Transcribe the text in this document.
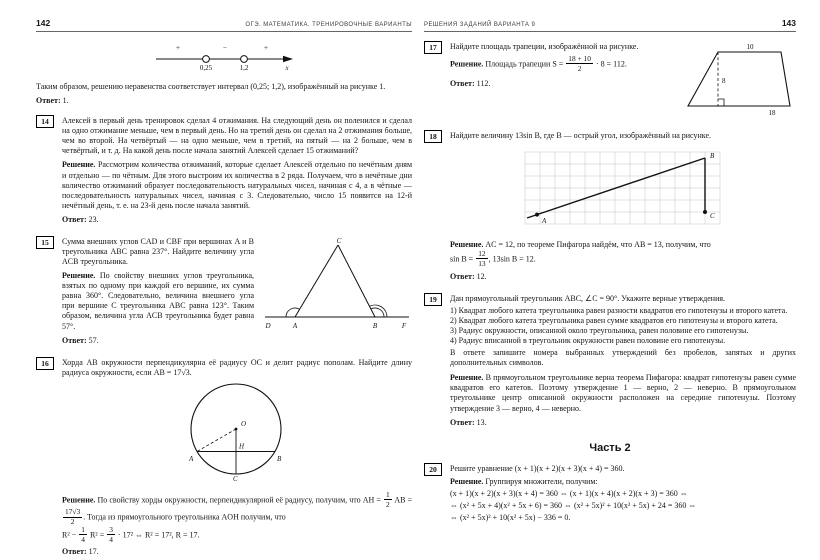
142	ОГЭ. МАТЕМАТИКА. ТРЕНИРОВОЧНЫЕ ВАРИАНТЫ
+	−	+
0,25	1,2	x

Таким образом, решению неравенства соответствует интервал (0,25; 1,2), изображённый на рисунке 1.

Ответ: 1.

14	Алексей в первый день тренировок сделал 4 отжимания. На следующий день он поленился и сделал на одно отжимание меньше, чем в первый день. Но на третий день он сделал на 2 отжимания больше, чем во второй. На четвёртый — на одно меньше, чем в третий, на пятый — на 2 больше, чем в четвёртый, и т. д. На какой день после начала занятий Алексей сделает 15 отжиманий?

Решение. Рассмотрим количества отжиманий, которые сделает Алексей отдельно по нечётным дням и отдельно — по чётным. Для этого выстроим их количества в 2 ряда. Получаем, что в нечётные дни количество отжиманий образует последовательность натуральных чисел, начиная с 4, а в чётные — последовательность натуральных чисел, начиная с 3. Следовательно, число 15 появится на 12-й нечётный день, т. е. на 23-й день после начала занятий.

Ответ: 23.

15	Сумма внешних углов CAD и CBF при вершинах A и B треугольника ABC равна 237°. Найдите величину угла ACB треугольника.

Решение. По свойству внешних углов треугольника, взятых по одному при каждой его вершине, их сумма равна 360°. Следовательно, величина внешнего угла при вершине C треугольника ABC равна 123°. Таким образом, величина угла ACB треугольника будет равна 57°.

Ответ: 57.

C
D	A	B	F
16	Хорда AB окружности перпендикулярна её радиусу OC и делит радиус пополам. Найдите длину радиуса окружности, если AB = 17√3.

O
H
A	B
C

Решение. По свойству хорды окружности, перпендикулярной её радиусу, получим, что AH = $\frac{1}{2}$ AB =
$\frac{17√3}{2}$ . Тогда из прямоугольного треугольника AOH получим, что
$R^2 - \frac{1}{4} R^2 = \frac{3}{4} \cdot 17^2$ ⇔ R² = 17², R = 17.

Ответ: 17.

РЕШЕНИЯ ЗАДАНИЙ ВАРИАНТА 9	143
17	Найдите площадь трапеции, изображённой на рисунке.

Решение. Площадь трапеции $S = \frac{18 + 10}{2} \cdot 8 = 112$.

Ответ: 112.

10
8
18
18	Найдите величину 13sin B, где B — острый угол, изображённый на рисунке.

A
B
C

Решение. AC = 12, по теореме Пифагора найдём, что AB = 13, получим, что
$\sin B = \frac{12}{13}$ , 13sin B = 12.

Ответ: 12.

19	Дан прямоугольный треугольник ABC, ∠C = 90°. Укажите верные утверждения.

1) Квадрат любого катета треугольника равен разности квадратов его гипотенузы и второго катета.

2) Квадрат любого катета треугольника равен сумме квадратов его гипотенузы и второго катета.

3) Радиус окружности, описанной около треугольника, равен половине его гипотенузы.

4) Радиус вписанной в треугольник окружности равен половине его гипотенузы.

В ответе запишите номера выбранных утверждений без пробелов, запятых и других дополнительных символов.

Решение. В прямоугольном треугольнике верна теорема Пифагора: квадрат гипотенузы равен сумме квадратов его катетов. Поэтому утверждение 1 — верно, 2 — неверно. В прямоугольном треугольнике центр описанной окружности расположен на середине гипотенузы. Поэтому утверждение 3 — верно, 4 — неверно.

Ответ: 13.

Часть 2
20	Решите уравнение (x + 1)(x + 2)(x + 3)(x + 4) = 360.

Решение. Группируя множители, получим:

(x + 1)(x + 2)(x + 3)(x + 4) = 360 ⇔ (x + 1)(x + 4)(x + 2)(x + 3) = 360 ⇔

⇔ (x² + 5x + 4)(x² + 5x + 6) = 360 ⇔ (x² + 5x)² + 10(x² + 5x) + 24 = 360 ⇔

⇔ (x² + 5x)² + 10(x² + 5x) − 336 = 0.
